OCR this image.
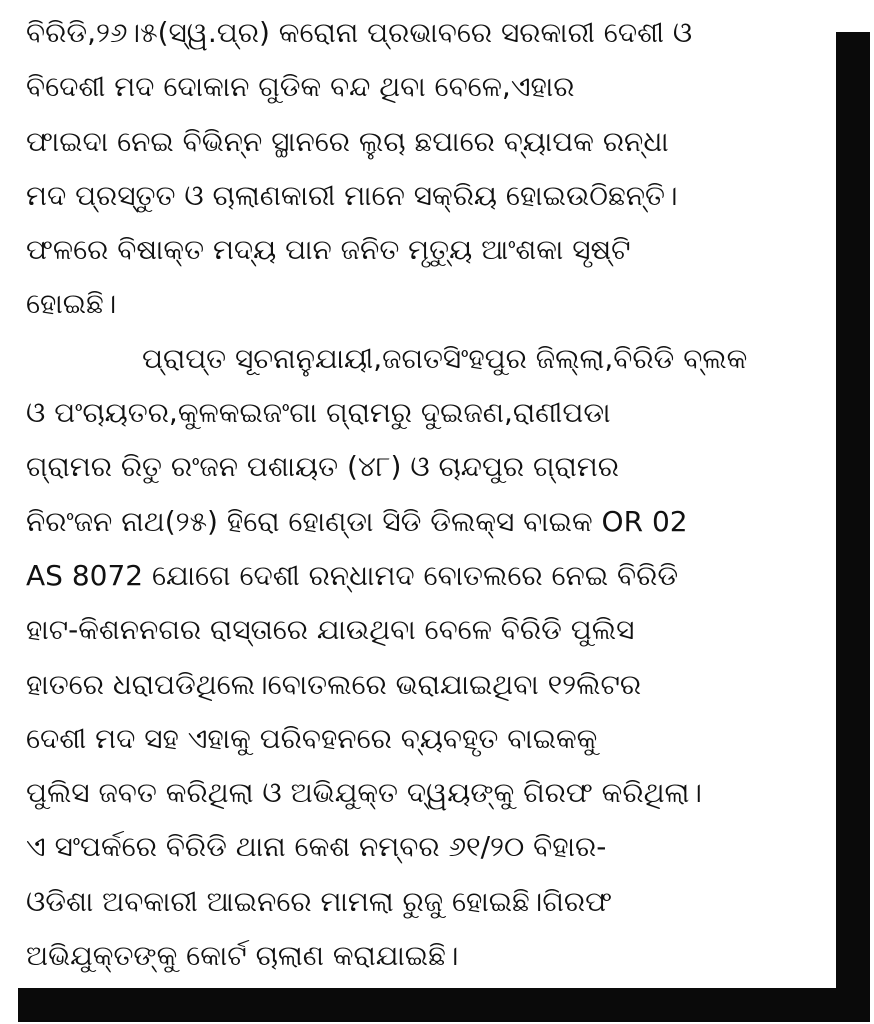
ବିରିଡି,୨୬।୫(ସ୍ୱ.ପ୍ର) କରୋନା ପ୍ରଭାବରେ ସରକାରୀ ଦେଶୀ ଓ
ବିଦେଶୀ ମଦ ଦୋକାନ ଗୁଡିକ ବନ୍ଦ ଥିବା ବେଳେ,ଏହାର
ଫାଇଦା ନେଇ ବିଭିନ୍ନ ସ୍ଥାନରେ ଲୁଚା ଛପାରେ ବ୍ୟାପକ ରନ୍ଧା
ମଦ ପ୍ରସ୍ତୁତ ଓ ଚାଲାଣକାରୀ ମାନେ ସକ୍ରିୟ ହୋଇଉଠିଛନ୍ତି।
ଫଳରେ ବିଷାକ୍ତ ମଦ୍ୟ ପାନ ଜନିତ ମୃତ୍ୟୁ ଆଂଶକା ସୃଷ୍ଟି
ହୋଇଛି।
ପ୍ରାପ୍ତ ସୂଚନାନୁଯାୟୀ,ଜଗତସିଂହପୁର ଜିଲ୍ଲା,ବିରିଡି ବ୍ଲକ
ଓ ପଂଚାୟତର,କୁଳକଇଜଂଗା ଗ୍ରାମରୁ ଦୁଇଜଣ,ରାଣୀପଡା
ଗ୍ରାମର ରିତୁ ରଂଜନ ପଶାୟତ (୪୮) ଓ ଚାନ୍ଦପୁର ଗ୍ରାମର
ନିରଂଜନ ନାଥ(୨୫) ହିରୋ ହୋଣ୍ଡା ସିଡି ଡିଲକ୍ସ ବାଇକ OR 02
AS 8072 ଯୋଗେ ଦେଶୀ ରନ୍ଧାମଦ ବୋତଲରେ ନେଇ ବିରିଡି
ହାଟ-କିଶନନଗର ରାସ୍ତାରେ ଯାଉଥିବା ବେଳେ ବିରିଡି ପୁଲିସ
ହାତରେ ଧରାପଡିଥିଲେ।ବୋତଲରେ ଭରାଯାଇଥିବା ୧୨ଲିଟର
ଦେଶୀ ମଦ ସହ ଏହାକୁ ପରିବହନରେ ବ୍ୟବହୃତ ବାଇକକୁ
ପୁଲିସ ଜବତ କରିଥିଲା ଓ ଅଭିଯୁକ୍ତ ଦ୍ୱୟଙ୍କୁ ଗିରଫ କରିଥିଲା।
ଏ ସଂପର୍କରେ ବିରିଡି ଥାନା କେଶ ନମ୍ବର ୬୧/୨୦ ବିହାର-
ଓଡିଶା ଅବକାରୀ ଆଇନରେ ମାମଲା ରୁଜୁ ହୋଇଛି।ଗିରଫ
ଅଭିଯୁକ୍ତଙ୍କୁ କୋର୍ଟ ଚାଲାଣ କରାଯାଇଛି।
